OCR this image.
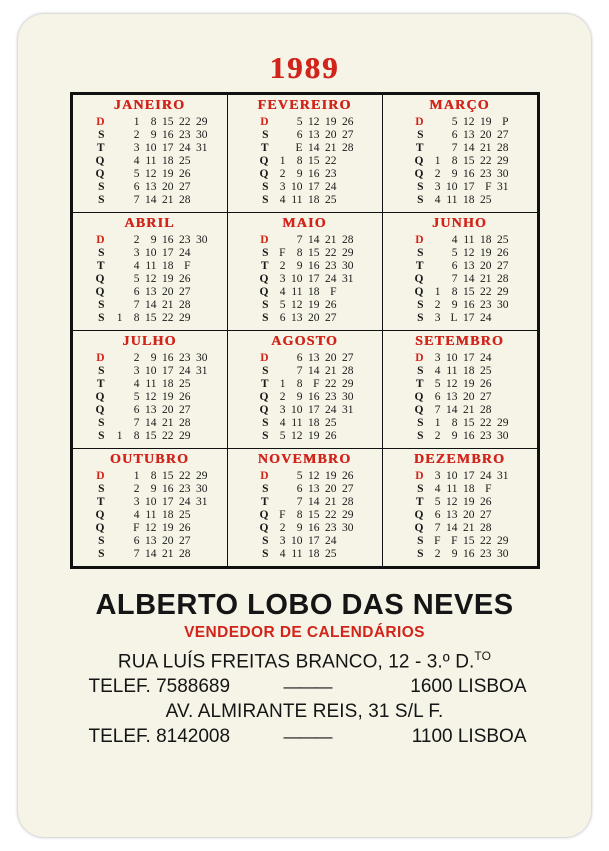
1989
JANEIRO
D		1	8	15	22	29
S		2	9	16	23	30
T		3	10	17	24	31
Q		4	11	18	25	
Q		5	12	19	26	
S		6	13	20	27	
S		7	14	21	28	

FEVEREIRO
D		5	12	19	26
S		6	13	20	27
T		E	14	21	28
Q	1	8	15	22	
Q	2	9	16	23	
S	3	10	17	24	
S	4	11	18	25	

MARÇO
D		5	12	19	P
S		6	13	20	27
T		7	14	21	28
Q	1	8	15	22	29
Q	2	9	16	23	30
S	3	10	17	F	31
S	4	11	18	25	

ABRIL
D		2	9	16	23	30
S		3	10	17	24	
T		4	11	18	F	
Q		5	12	19	26	
Q		6	13	20	27	
S		7	14	21	28	
S	1	8	15	22	29	

MAIO
D		7	14	21	28
S	F	8	15	22	29
T	2	9	16	23	30
Q	3	10	17	24	31
Q	4	11	18	F	
S	5	12	19	26	
S	6	13	20	27	

JUNHO
D		4	11	18	25
S		5	12	19	26
T		6	13	20	27
Q		7	14	21	28
Q	1	8	15	22	29
S	2	9	16	23	30
S	3	L	17	24	

JULHO
D		2	9	16	23	30
S		3	10	17	24	31
T		4	11	18	25	
Q		5	12	19	26	
Q		6	13	20	27	
S		7	14	21	28	
S	1	8	15	22	29	

AGOSTO
D		6	13	20	27
S		7	14	21	28
T	1	8	F	22	29
Q	2	9	16	23	30
Q	3	10	17	24	31
S	4	11	18	25	
S	5	12	19	26	

SETEMBRO
D	3	10	17	24
S	4	11	18	25
T	5	12	19	26
Q	6	13	20	27
Q	7	14	21	28
S	1	8	15	22	29
S	2	9	16	23	30

OUTUBRO
D		1	8	15	22	29
S		2	9	16	23	30
T		3	10	17	24	31
Q		4	11	18	25	
Q		F	12	19	26	
S		6	13	20	27	
S		7	14	21	28	

NOVEMBRO
D		5	12	19	26
S		6	13	20	27
T		7	14	21	28
Q	F	8	15	22	29
Q	2	9	16	23	30
S	3	10	17	24	
S	4	11	18	25	

DEZEMBRO
D	3	10	17	24	31
S	4	11	18	F	
T	5	12	19	26	
Q	6	13	20	27	
Q	7	14	21	28	
S	F	F	15	22	29
S	2	9	16	23	30
ALBERTO LOBO DAS NEVES
VENDEDOR DE CALENDÁRIOS
RUA LUÍS FREITAS BRANCO, 12 - 3.º D.$^{TO}$
TELEF. 7588689	———	1600 LISBOA
AV. ALMIRANTE REIS, 31 S/L F.
TELEF. 8142008	———	1100 LISBOA
